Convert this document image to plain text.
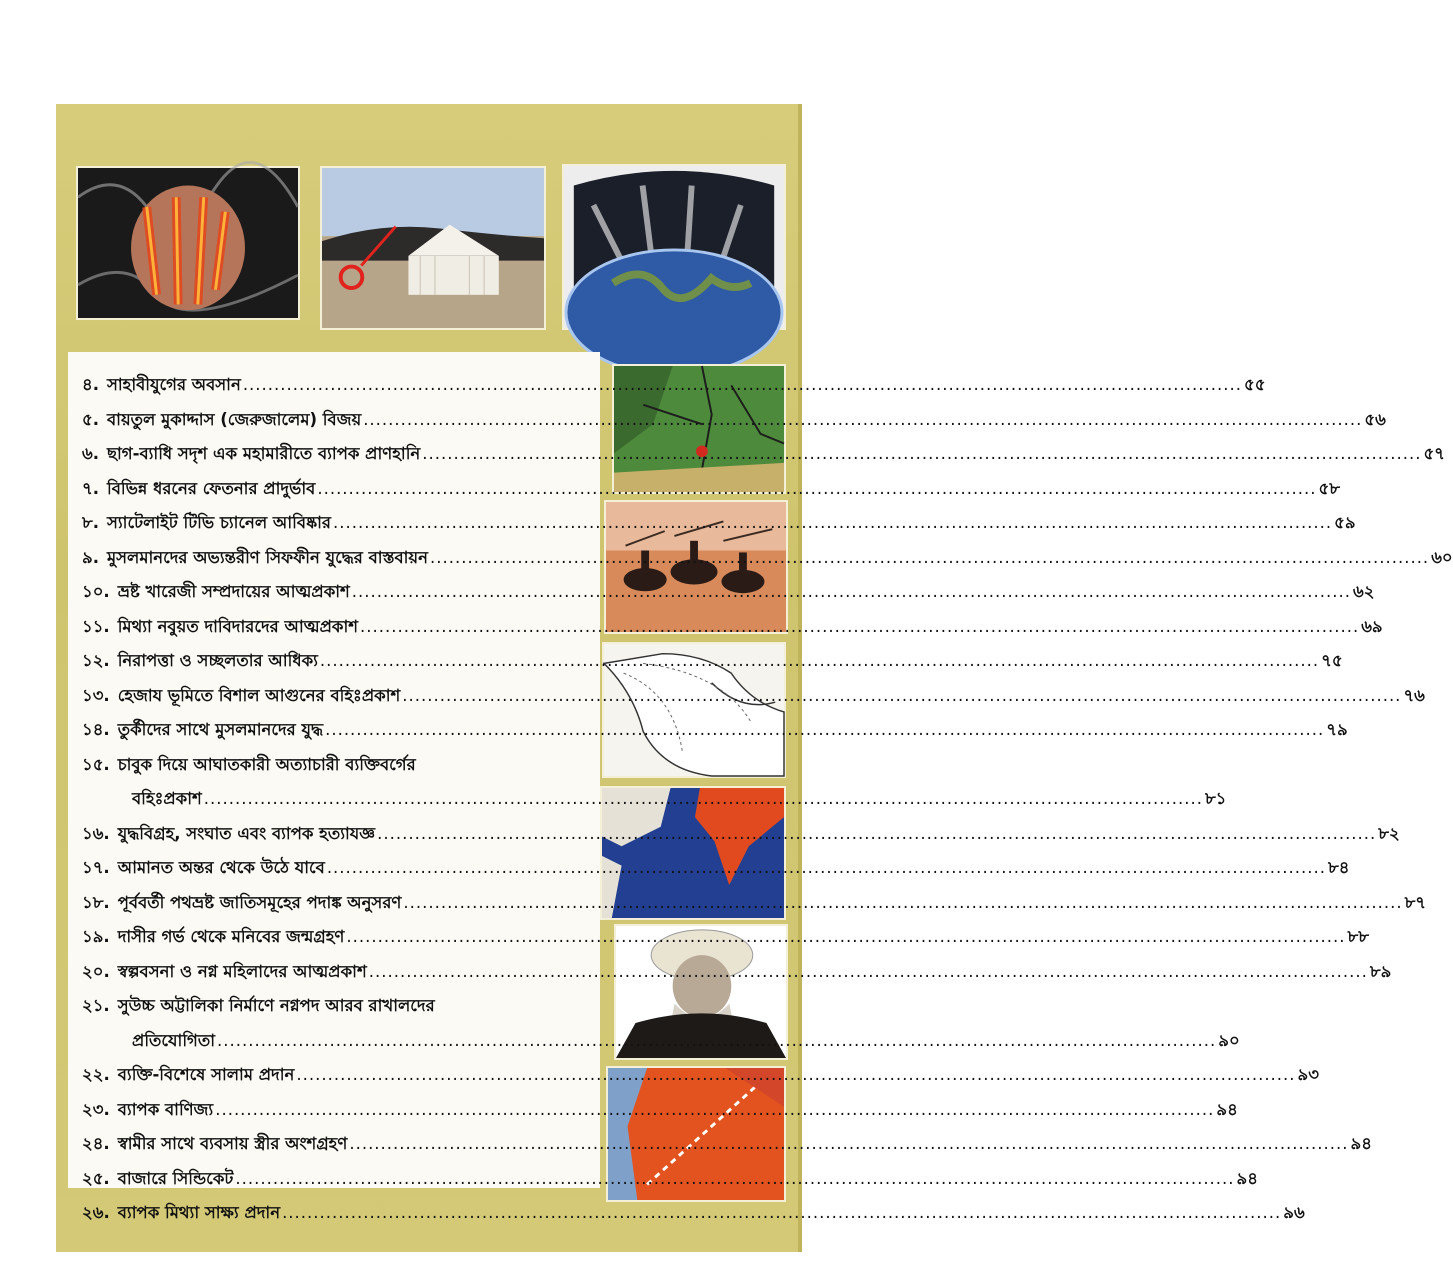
৪. সাহাবীযুগের অবসান .....	৫৫
৫. বায়তুল মুকাদ্দাস (জেরুজালেম) বিজয় .....	৫৬
৬. ছাগ-ব্যাধি সদৃশ এক মহামারীতে ব্যাপক প্রাণহানি .....	৫৭
৭. বিভিন্ন ধরনের ফেতনার প্রাদুর্ভাব .....	৫৮
৮. স্যাটেলাইট টিভি চ্যানেল আবিষ্কার .....	৫৯
৯. মুসলমানদের অভ্যন্তরীণ সিফফীন যুদ্ধের বাস্তবায়ন .....	৬০
১০. ভ্রষ্ট খারেজী সম্প্রদায়ের আত্মপ্রকাশ .....	৬২
১১. মিথ্যা নবুয়ত দাবিদারদের আত্মপ্রকাশ .....	৬৯
১২. নিরাপত্তা ও সচ্ছলতার আধিক্য .....	৭৫
১৩. হেজায ভূমিতে বিশাল আগুনের বহিঃপ্রকাশ .....	৭৬
১৪. তুর্কীদের সাথে মুসলমানদের যুদ্ধ .....	৭৯
১৫. চাবুক দিয়ে আঘাতকারী অত্যাচারী ব্যক্তিবর্গের
বহিঃপ্রকাশ .....	৮১
১৬. যুদ্ধবিগ্রহ, সংঘাত এবং ব্যাপক হত্যাযজ্ঞ .....	৮২
১৭. আমানত অন্তর থেকে উঠে যাবে .....	৮৪
১৮. পূর্ববর্তী পথভ্রষ্ট জাতিসমূহের পদাঙ্ক অনুসরণ .....	৮৭
১৯. দাসীর গর্ভ থেকে মনিবের জন্মগ্রহণ .....	৮৮
২০. স্বল্পবসনা ও নগ্ন মহিলাদের আত্মপ্রকাশ .....	৮৯
২১. সুউচ্চ অট্টালিকা নির্মাণে নগ্নপদ আরব রাখালদের
প্রতিযোগিতা .....	৯০
২২. ব্যক্তি-বিশেষে সালাম প্রদান .....	৯৩
২৩. ব্যাপক বাণিজ্য .....	৯৪
২৪. স্বামীর সাথে ব্যবসায় স্ত্রীর অংশগ্রহণ .....	৯৪
২৫. বাজারে সিন্ডিকেট .....	৯৪
২৬. ব্যাপক মিথ্যা সাক্ষ্য প্রদান .....	৯৬
